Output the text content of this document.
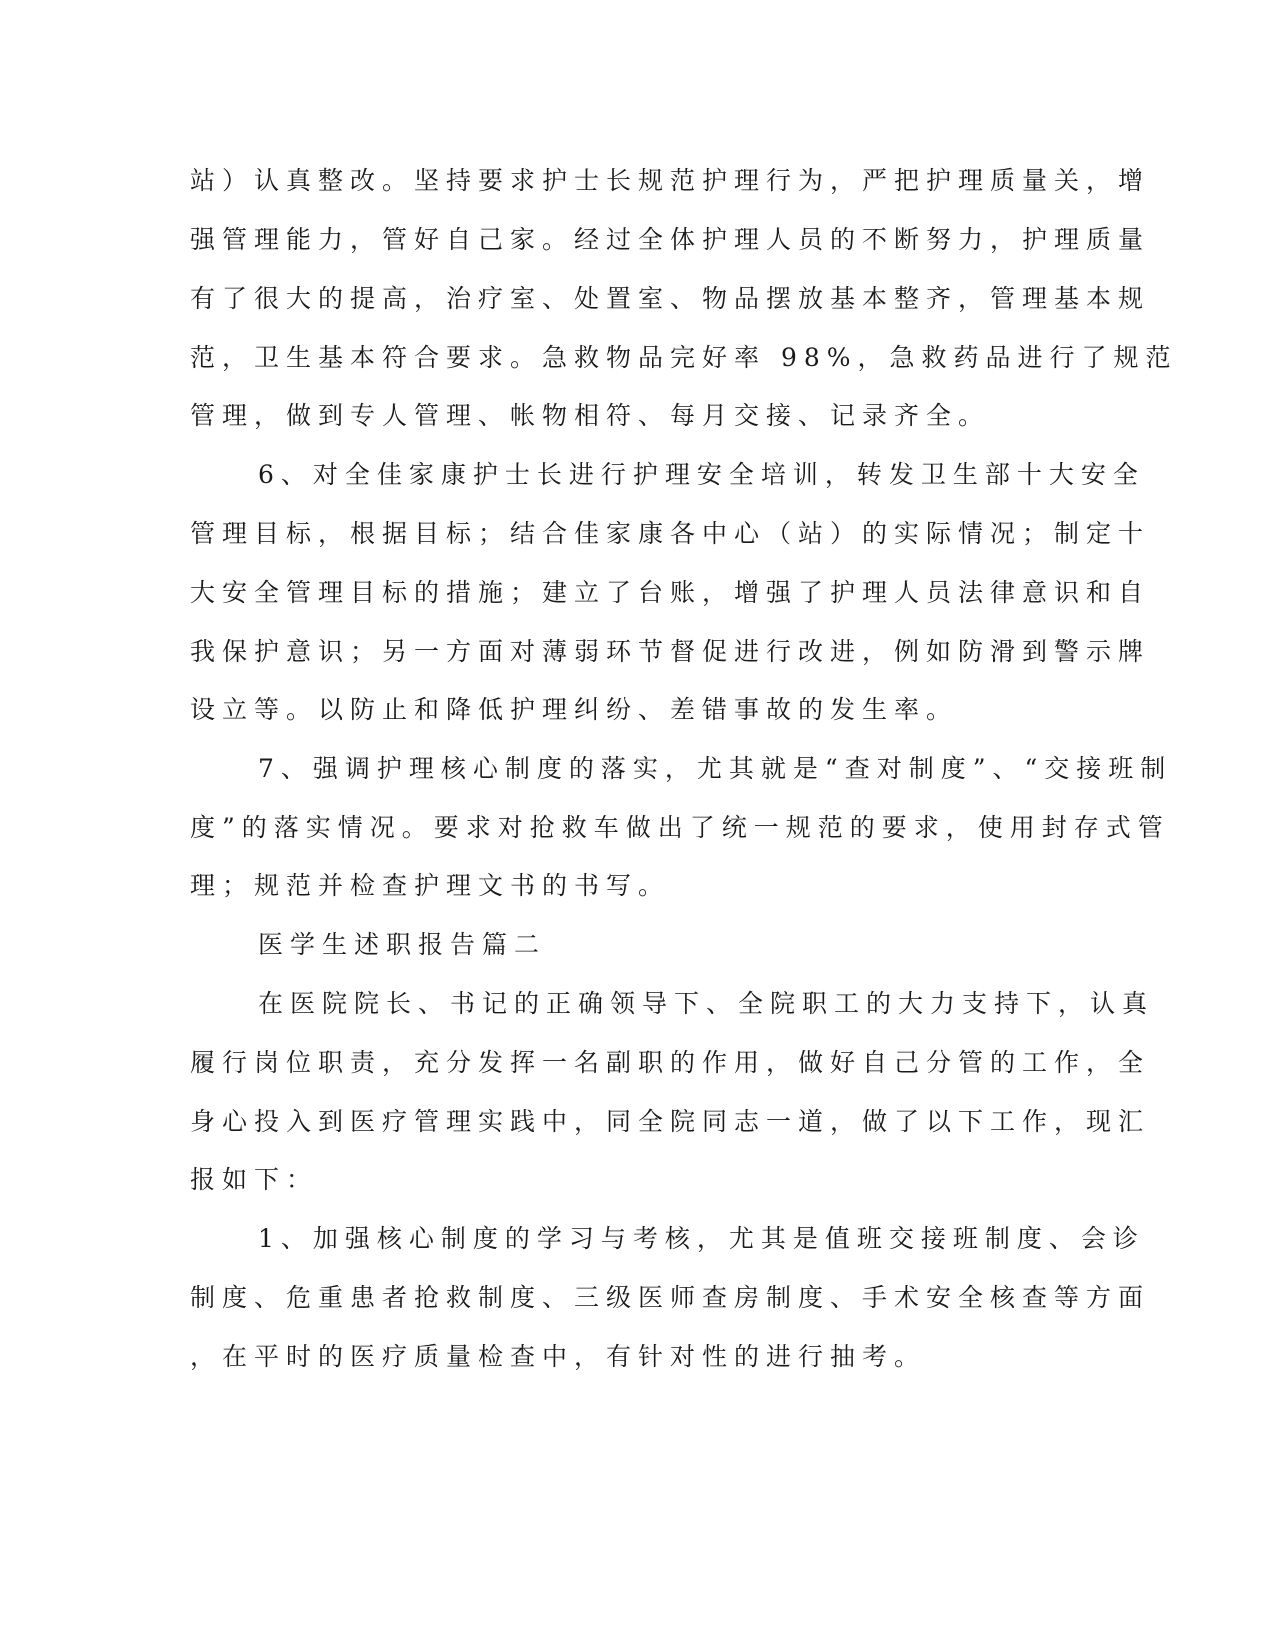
站）认真整改。坚持要求护士长规范护理行为，严把护理质量关，增
强管理能力，管好自己家。经过全体护理人员的不断努力，护理质量
有了很大的提高，治疗室、处置室、物品摆放基本整齐，管理基本规
范，卫生基本符合要求。急救物品完好率 98%，急救药品进行了规范
管理，做到专人管理、帐物相符、每月交接、记录齐全。
6、对全佳家康护士长进行护理安全培训，转发卫生部十大安全
管理目标，根据目标；结合佳家康各中心（站）的实际情况；制定十
大安全管理目标的措施；建立了台账，增强了护理人员法律意识和自
我保护意识；另一方面对薄弱环节督促进行改进，例如防滑到警示牌
设立等。以防止和降低护理纠纷、差错事故的发生率。
7、强调护理核心制度的落实，尤其就是“查对制度”、“交接班制
度”的落实情况。要求对抢救车做出了统一规范的要求，使用封存式管
理；规范并检查护理文书的书写。
医学生述职报告篇二
在医院院长、书记的正确领导下、全院职工的大力支持下，认真
履行岗位职责，充分发挥一名副职的作用，做好自己分管的工作，全
身心投入到医疗管理实践中，同全院同志一道，做了以下工作，现汇
报如下：
1、加强核心制度的学习与考核，尤其是值班交接班制度、会诊
制度、危重患者抢救制度、三级医师查房制度、手术安全核查等方面
，在平时的医疗质量检查中，有针对性的进行抽考。
